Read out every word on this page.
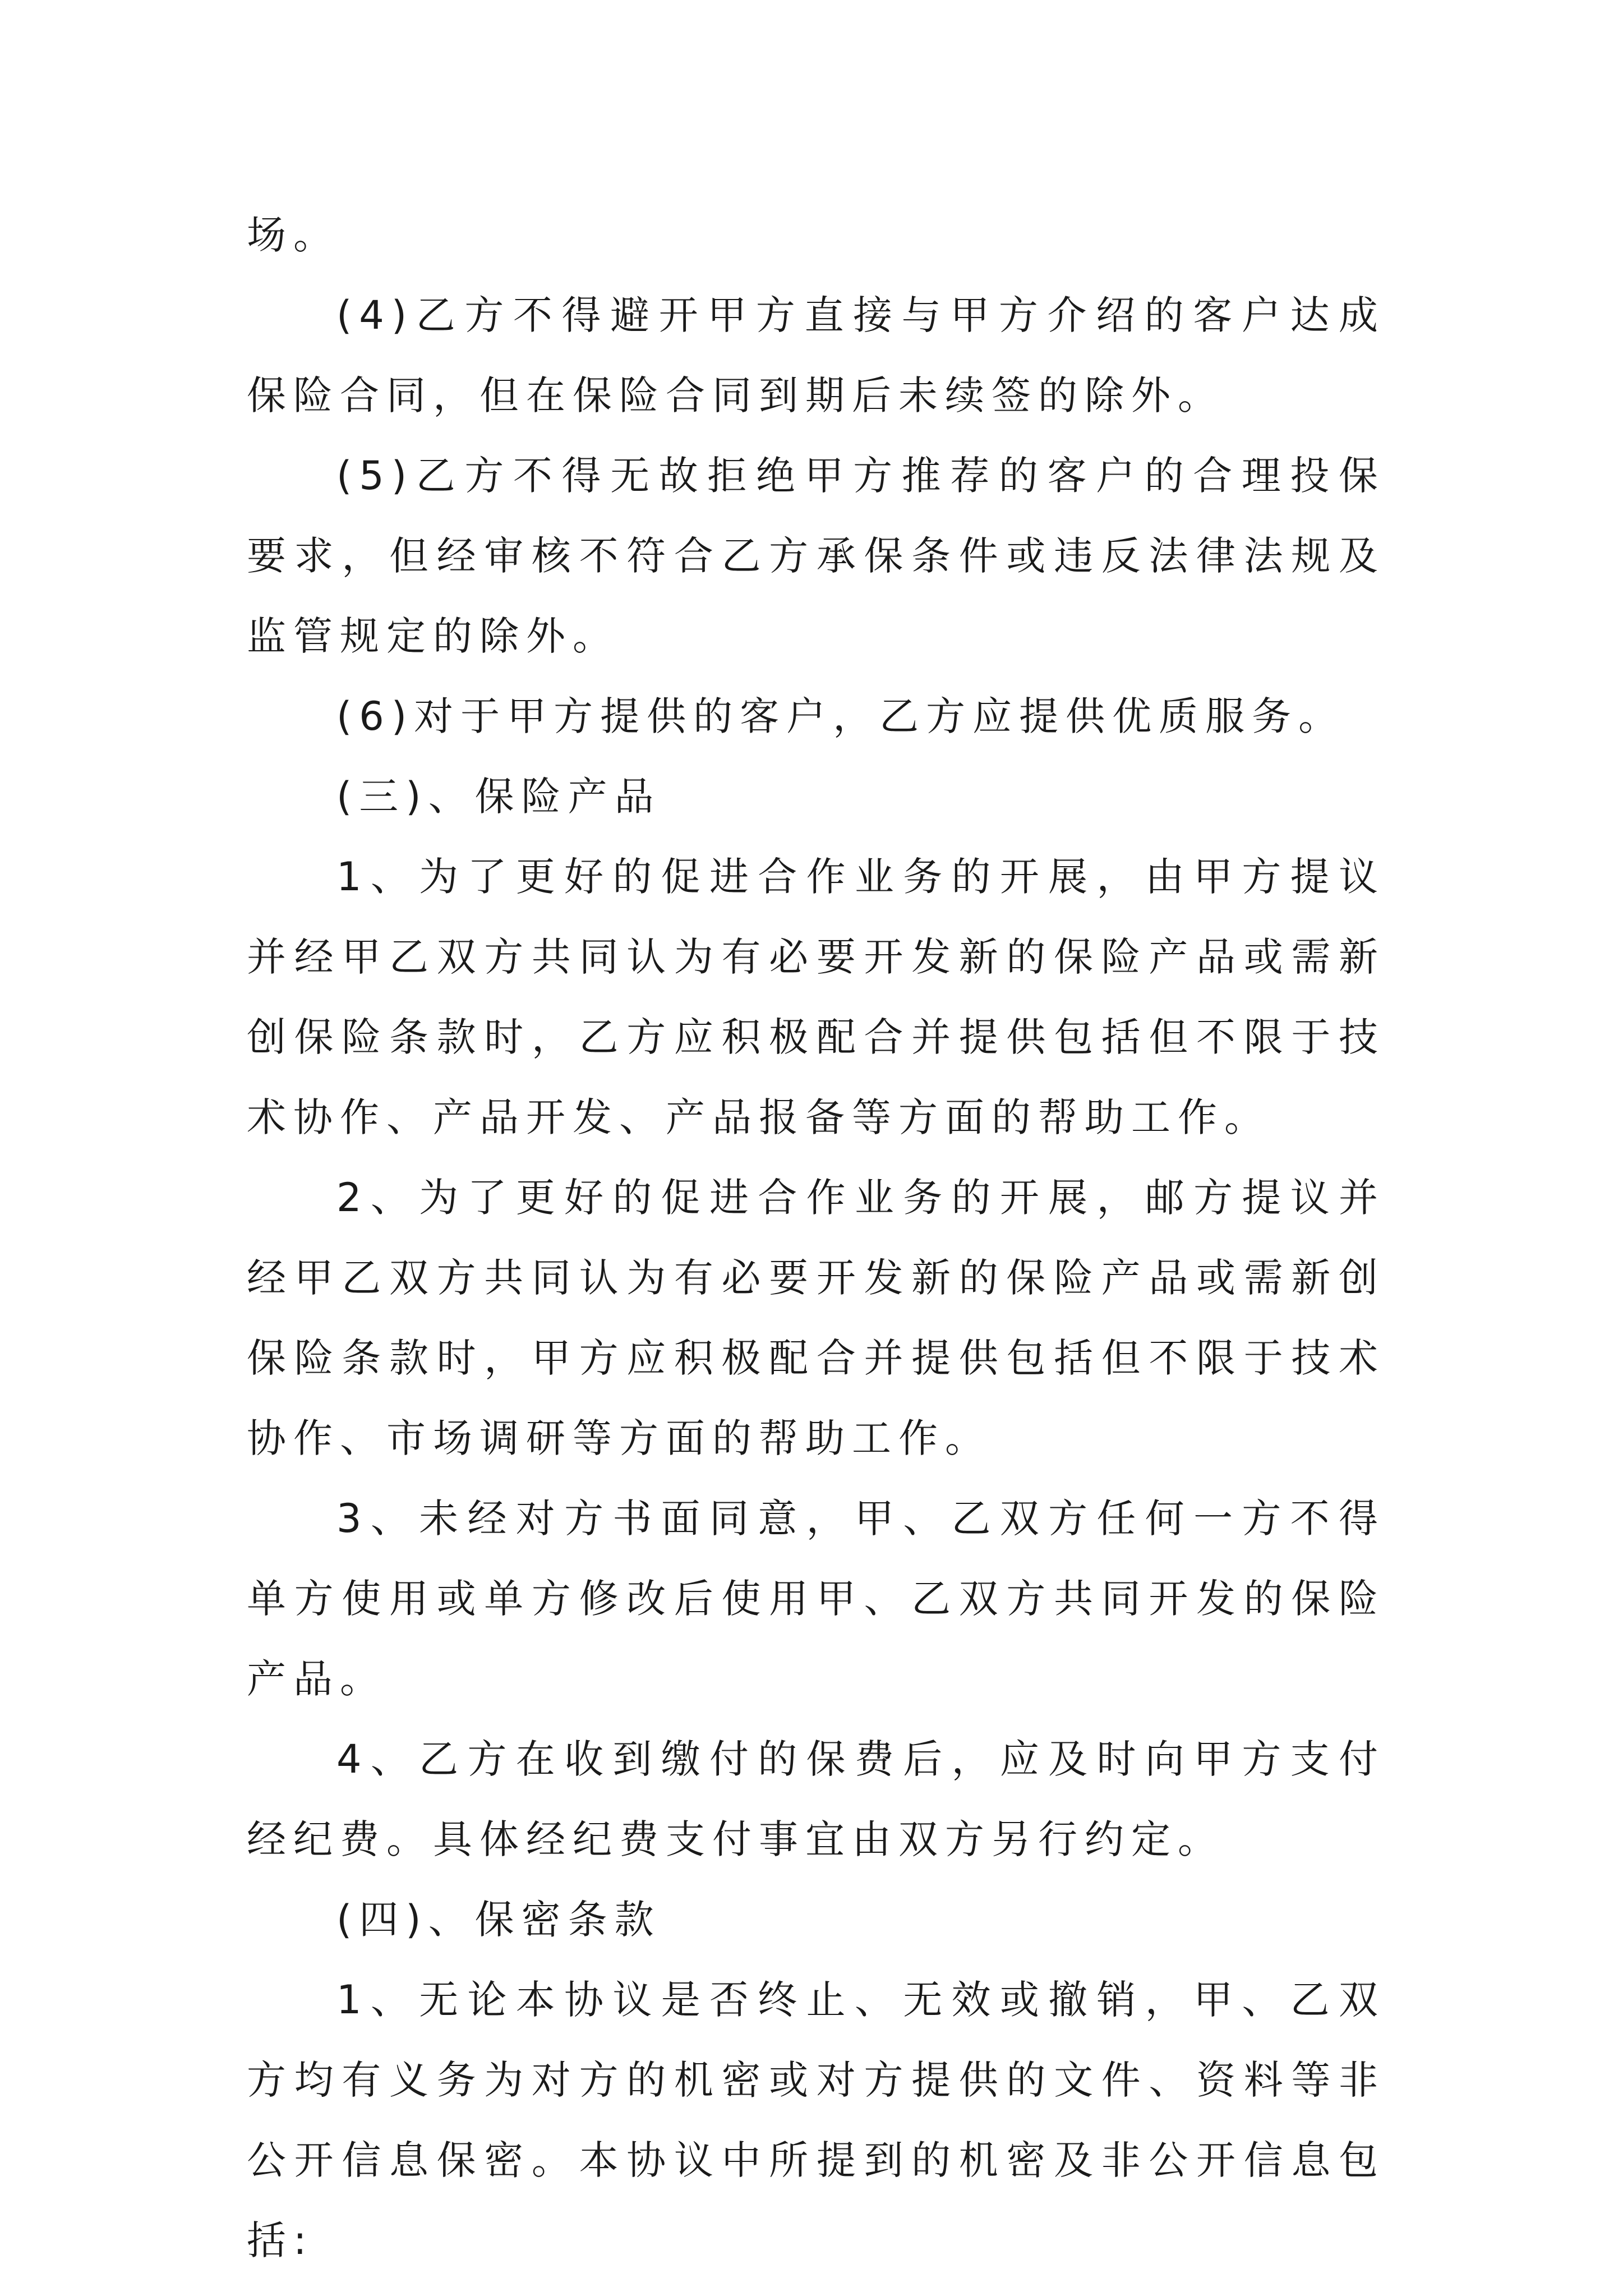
场。

(4)乙方不得避开甲方直接与甲方介绍的客户达成保险合同，但在保险合同到期后未续签的除外。

(5)乙方不得无故拒绝甲方推荐的客户的合理投保要求，但经审核不符合乙方承保条件或违反法律法规及监管规定的除外。

(6)对于甲方提供的客户，乙方应提供优质服务。

(三)、保险产品

1、为了更好的促进合作业务的开展，由甲方提议并经甲乙双方共同认为有必要开发新的保险产品或需新创保险条款时，乙方应积极配合并提供包括但不限于技术协作、产品开发、产品报备等方面的帮助工作。

2、为了更好的促进合作业务的开展，邮方提议并经甲乙双方共同认为有必要开发新的保险产品或需新创保险条款时，甲方应积极配合并提供包括但不限于技术协作、市场调研等方面的帮助工作。

3、未经对方书面同意，甲、乙双方任何一方不得单方使用或单方修改后使用甲、乙双方共同开发的保险产品。

4、乙方在收到缴付的保费后，应及时向甲方支付经纪费。具体经纪费支付事宜由双方另行约定。

(四)、保密条款

1、无论本协议是否终止、无效或撤销，甲、乙双方均有义务为对方的机密或对方提供的文件、资料等非公开信息保密。本协议中所提到的机密及非公开信息包括:
